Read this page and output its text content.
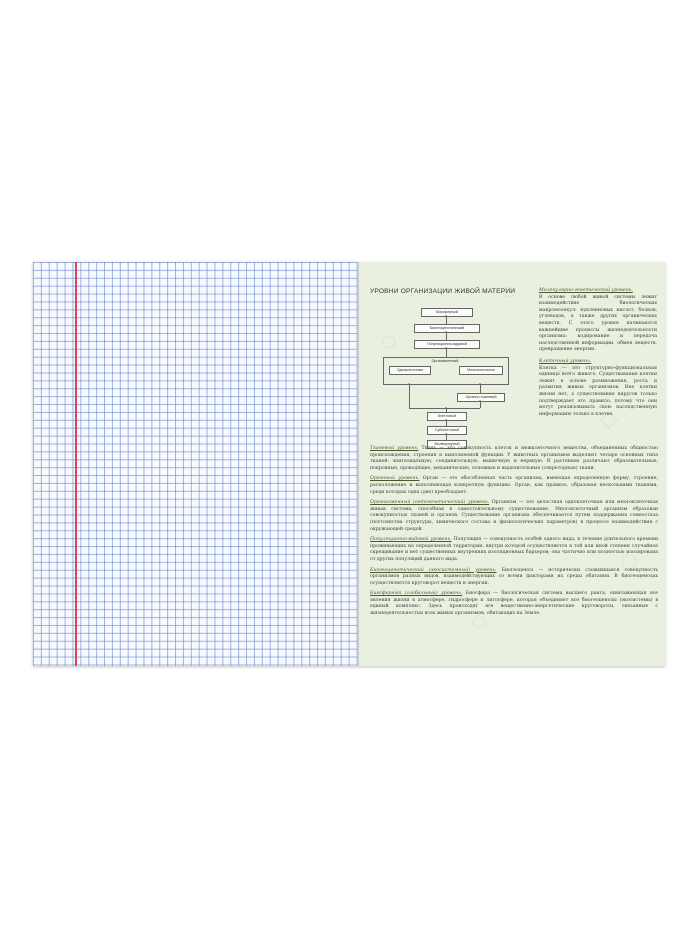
УРОВНИ ОРГАНИЗАЦИИ ЖИВОЙ МАТЕРИИ
Биосферный
Биогеоценотический
Популяционно-видовой
Организменный
Одноклеточные	Многоклеточные
Органно-тканевый
Клеточный
Субклеточный
Молекулярный
Молекулярно-генетический уровень.
В основе любой живой системы лежит взаимодействие биологических макромолекул: нуклеиновых кислот, белков, углеводов, а также других органических веществ. С этого уровня начинаются важнейшие процессы жизнедеятельности организма: кодирование и передача наследственной информации, обмен веществ, превращение энергии.
Клеточный уровень.
Клетка — это структурно-функциональная единица всего живого. Существование клетки лежит в основе размножения, роста и развития живых организмов. Вне клетки жизни нет, а существование вирусов только подтверждает это правило, потому что они могут реализовывать свою наследственную информацию только в клетке.
Тканевый уровень. Ткань — это совокупность клеток и межклеточного вещества, объединенных общностью происхождения, строения и выполняемой функции. У животных организмов выделяют четыре основных типа тканей: эпителиальную, соединительную, мышечную и нервную. В растениях различают образовательные, покровные, проводящие, механические, основные и выделительные (секреторные) ткани.
Органный уровень. Орган — это обособленная часть организма, имеющая определенную форму, строение, расположение и выполняющая конкретную функцию. Орган, как правило, образован несколькими тканями, среди которых одна (две) преобладает.
Организменный (онтогенетический) уровень. Организм — это целостная одноклеточная или многоклеточная живая система, способная к самостоятельному существованию. Многоклеточный организм образован совокупностью тканей и органов. Существование организма обеспечивается путем поддержания гомеостаза (постоянства структуры, химического состава и физиологических параметров) в процессе взаимодействия с окружающей средой.
Популяционно-видовой уровень. Популяция — совокупность особей одного вида, в течение длительного времени проживающих на определенной территории, внутри которой осуществляется в той или иной степени случайное скрещивание и нет существенных внутренних изоляционных барьеров; она частично или полностью изолирована от других популяций данного вида.
Биогеоценотический (экосистемный) уровень. Биогеоценоз — исторически сложившаяся совокупность организмов разных видов, взаимодействующих со всеми факторами их среды обитания. В биогеоценозах осуществляется круговорот веществ и энергии.
Биосферный (глобальный) уровень. Биосфера — биологическая система высшего ранга, охватывающая все явления жизни в атмосфере, гидросфере и литосфере, которая объединяет все биогеоценозы (экосистемы) в единый комплекс. Здесь происходят все вещественно-энергетические круговороты, связанные с жизнедеятельностью всех живых организмов, обитающих на Земле.
